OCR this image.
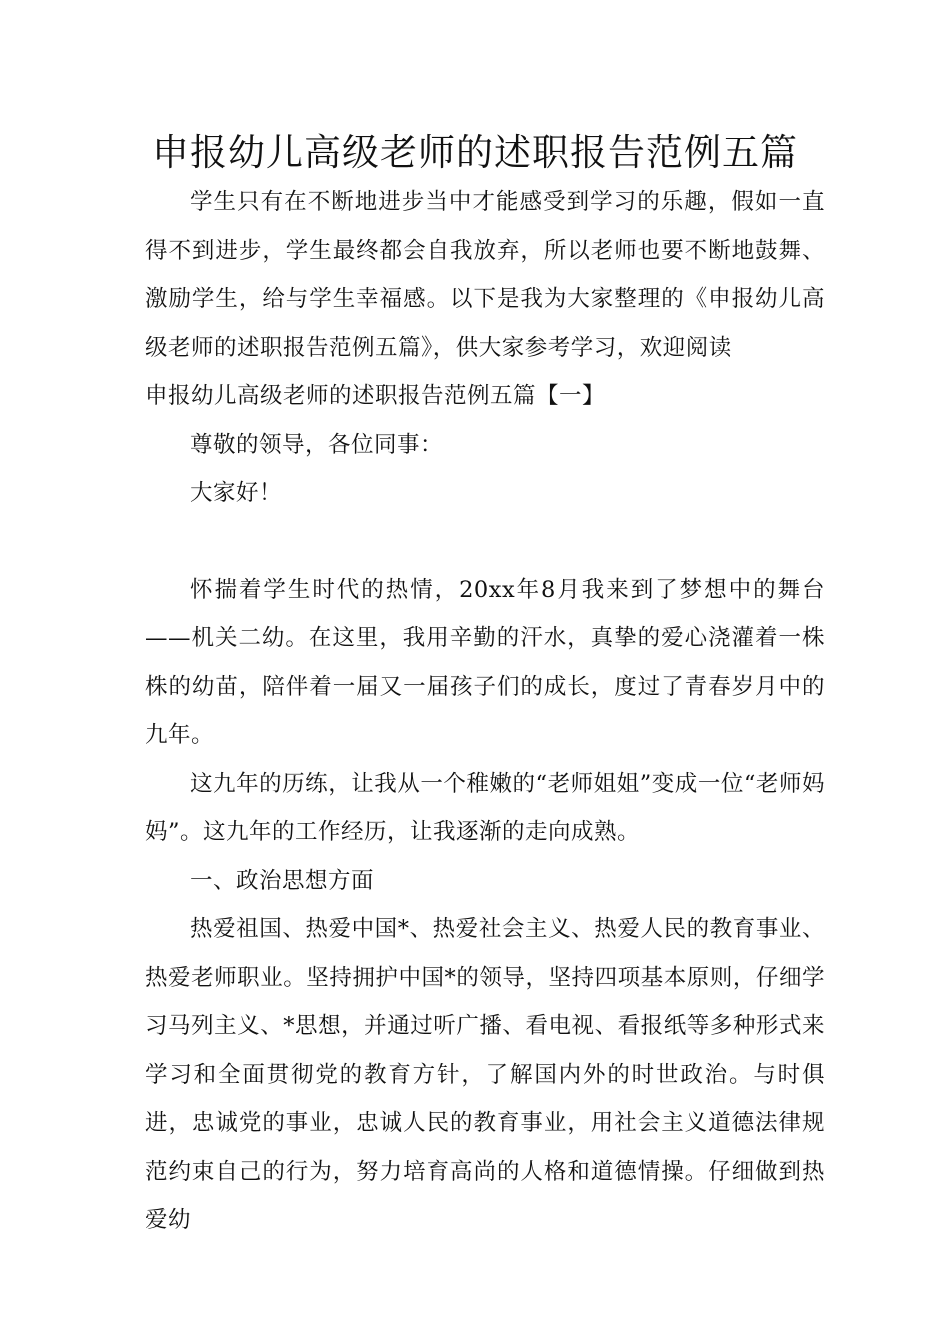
申报幼儿高级老师的述职报告范例五篇

学生只有在不断地进步当中才能感受到学习的乐趣，假如一直得不到进步，学生最终都会自我放弃，所以老师也要不断地鼓舞、激励学生，给与学生幸福感。以下是我为大家整理的《申报幼儿高级老师的述职报告范例五篇》，供大家参考学习，欢迎阅读

申报幼儿高级老师的述职报告范例五篇【一】

尊敬的领导，各位同事：

大家好！

怀揣着学生时代的热情，20xx年8月我来到了梦想中的舞台——机关二幼。在这里，我用辛勤的汗水，真挚的爱心浇灌着一株株的幼苗，陪伴着一届又一届孩子们的成长，度过了青春岁月中的九年。

这九年的历练，让我从一个稚嫩的“老师姐姐”变成一位“老师妈妈”。这九年的工作经历，让我逐渐的走向成熟。

一、政治思想方面

热爱祖国、热爱中国*、热爱社会主义、热爱人民的教育事业、热爱老师职业。坚持拥护中国*的领导，坚持四项基本原则，仔细学习马列主义、*思想，并通过听广播、看电视、看报纸等多种形式来学习和全面贯彻党的教育方针，了解国内外的时世政治。与时俱进，忠诚党的事业，忠诚人民的教育事业，用社会主义道德法律规范约束自己的行为，努力培育高尚的人格和道德情操。仔细做到热爱幼
